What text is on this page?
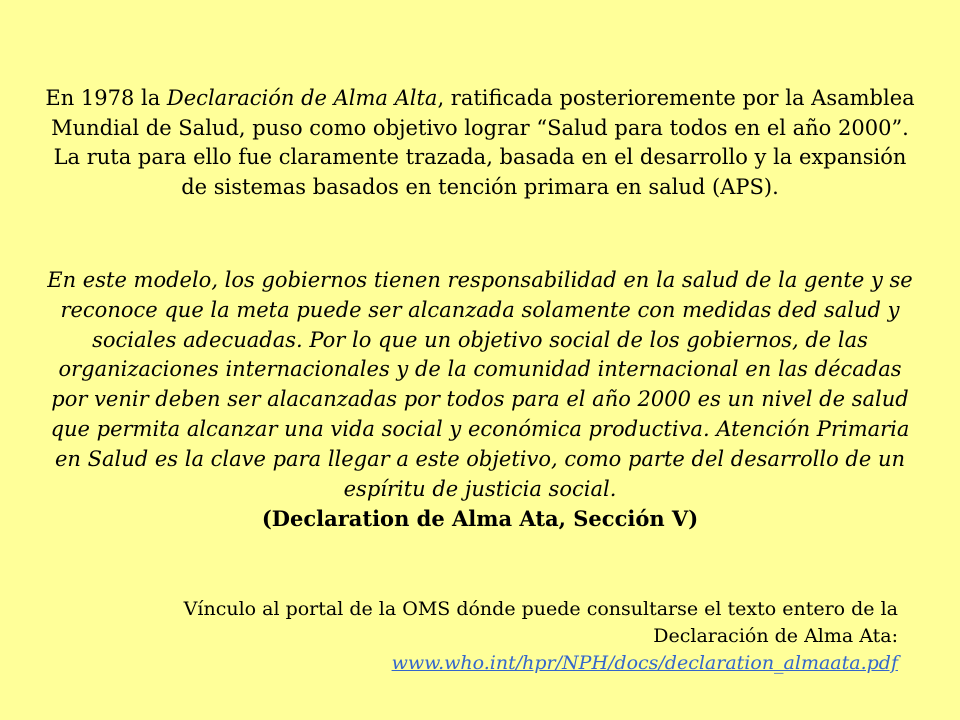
En 1978 la Declaración de Alma Alta, ratificada posterioremente por la Asamblea Mundial de Salud, puso como objetivo lograr “Salud para todos en el año 2000”. La ruta para ello fue claramente trazada, basada en el desarrollo y la expansión de sistemas basados en tención primara en salud (APS).

En este modelo, los gobiernos tienen responsabilidad en la salud de la gente y se reconoce que la meta puede ser alcanzada solamente con medidas ded salud y sociales adecuadas. Por lo que un objetivo social de los gobiernos, de las organizaciones internacionales y de la comunidad internacional en las décadas por venir deben ser alacanzadas por todos para el año 2000 es un nivel de salud que permita alcanzar una vida social y económica productiva. Atención Primaria en Salud es la clave para llegar a este objetivo, como parte del desarrollo de un espíritu de justicia social.
(Declaration de Alma Ata, Sección V)

Vínculo al portal de la OMS dónde puede consultarse el texto entero de la Declaración de Alma Ata:
www.who.int/hpr/NPH/docs/declaration_almaata.pdf
